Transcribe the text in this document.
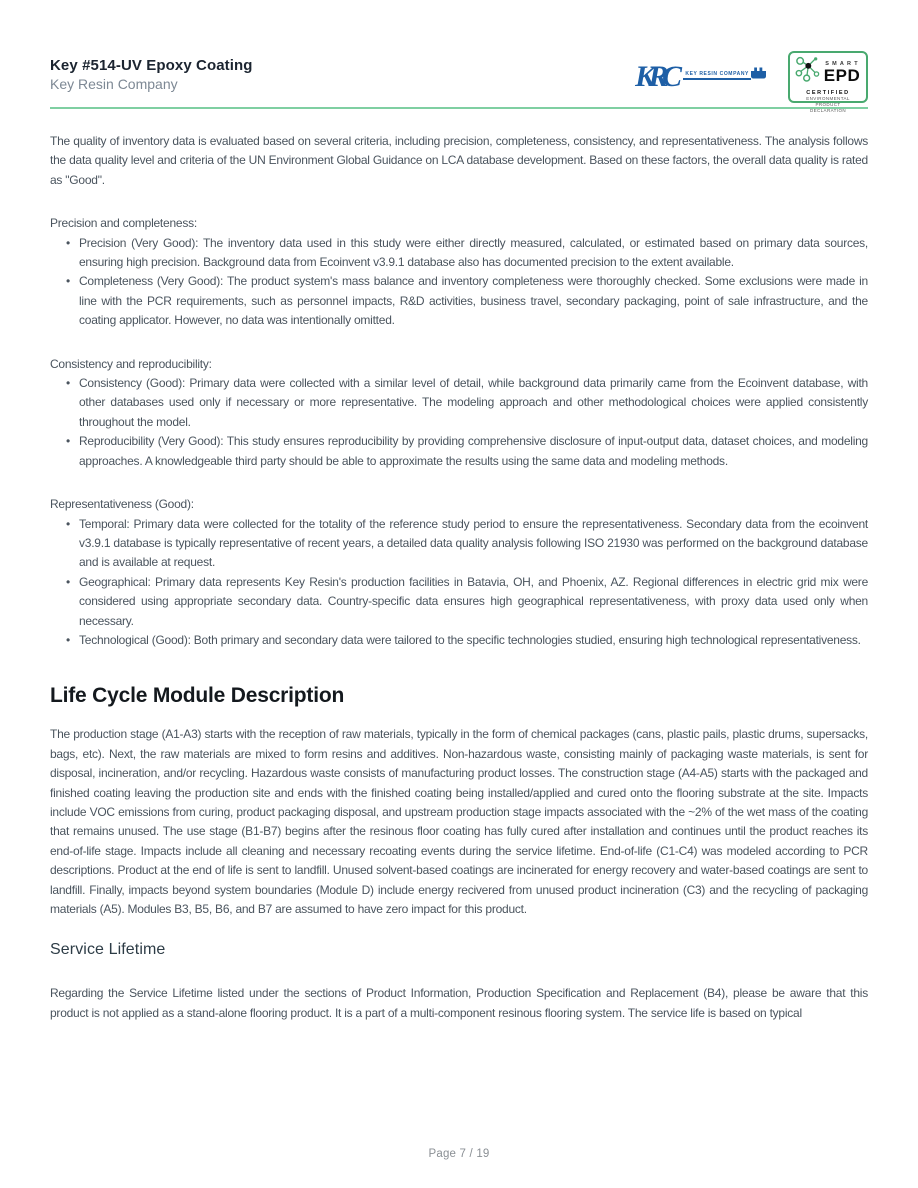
Key #514-UV Epoxy Coating
Key Resin Company	KRC	KEY RESIN COMPANY
SMART
EPD
CERTIFIED
ENVIRONMENTAL PRODUCT
DECLARATION

The quality of inventory data is evaluated based on several criteria, including precision, completeness, consistency, and representativeness. The analysis follows the data quality level and criteria of the UN Environment Global Guidance on LCA database development. Based on these factors, the overall data quality is rated as "Good".

Precision and completeness:

• Precision (Very Good): The inventory data used in this study were either directly measured, calculated, or estimated based on primary data sources, ensuring high precision. Background data from Ecoinvent v3.9.1 database also has documented precision to the extent available.
• Completeness (Very Good): The product system's mass balance and inventory completeness were thoroughly checked. Some exclusions were made in line with the PCR requirements, such as personnel impacts, R&D activities, business travel, secondary packaging, point of sale infrastructure, and the coating applicator. However, no data was intentionally omitted.

Consistency and reproducibility:

• Consistency (Good): Primary data were collected with a similar level of detail, while background data primarily came from the Ecoinvent database, with other databases used only if necessary or more representative. The modeling approach and other methodological choices were applied consistently throughout the model.
• Reproducibility (Very Good): This study ensures reproducibility by providing comprehensive disclosure of input-output data, dataset choices, and modeling approaches. A knowledgeable third party should be able to approximate the results using the same data and modeling methods.

Representativeness (Good):

• Temporal: Primary data were collected for the totality of the reference study period to ensure the representativeness. Secondary data from the ecoinvent v3.9.1 database is typically representative of recent years, a detailed data quality analysis following ISO 21930 was performed on the background database and is available at request.
• Geographical: Primary data represents Key Resin's production facilities in Batavia, OH, and Phoenix, AZ. Regional differences in electric grid mix were considered using appropriate secondary data. Country-specific data ensures high geographical representativeness, with proxy data used only when necessary.
• Technological (Good): Both primary and secondary data were tailored to the specific technologies studied, ensuring high technological representativeness.
Life Cycle Module Description

The production stage (A1-A3) starts with the reception of raw materials, typically in the form of chemical packages (cans, plastic pails, plastic drums, supersacks, bags, etc). Next, the raw materials are mixed to form resins and additives. Non-hazardous waste, consisting mainly of packaging waste materials, is sent for disposal, incineration, and/or recycling. Hazardous waste consists of manufacturing product losses. The construction stage (A4-A5) starts with the packaged and finished coating leaving the production site and ends with the finished coating being installed/applied and cured onto the flooring substrate at the site. Impacts include VOC emissions from curing, product packaging disposal, and upstream production stage impacts associated with the ~2% of the wet mass of the coating that remains unused. The use stage (B1-B7) begins after the resinous floor coating has fully cured after installation and continues until the product reaches its end-of-life stage. Impacts include all cleaning and necessary recoating events during the service lifetime. End-of-life (C1-C4) was modeled according to PCR descriptions. Product at the end of life is sent to landfill. Unused solvent-based coatings are incinerated for energy recovery and water-based coatings are sent to landfill. Finally, impacts beyond system boundaries (Module D) include energy recivered from unused product incineration (C3) and the recycling of packaging materials (A5). Modules B3, B5, B6, and B7 are assumed to have zero impact for this product.

Service Lifetime

Regarding the Service Lifetime listed under the sections of Product Information, Production Specification and Replacement (B4), please be aware that this product is not applied as a stand-alone flooring product. It is a part of a multi-component resinous flooring system. The service life is based on typical

Page 7 / 19
